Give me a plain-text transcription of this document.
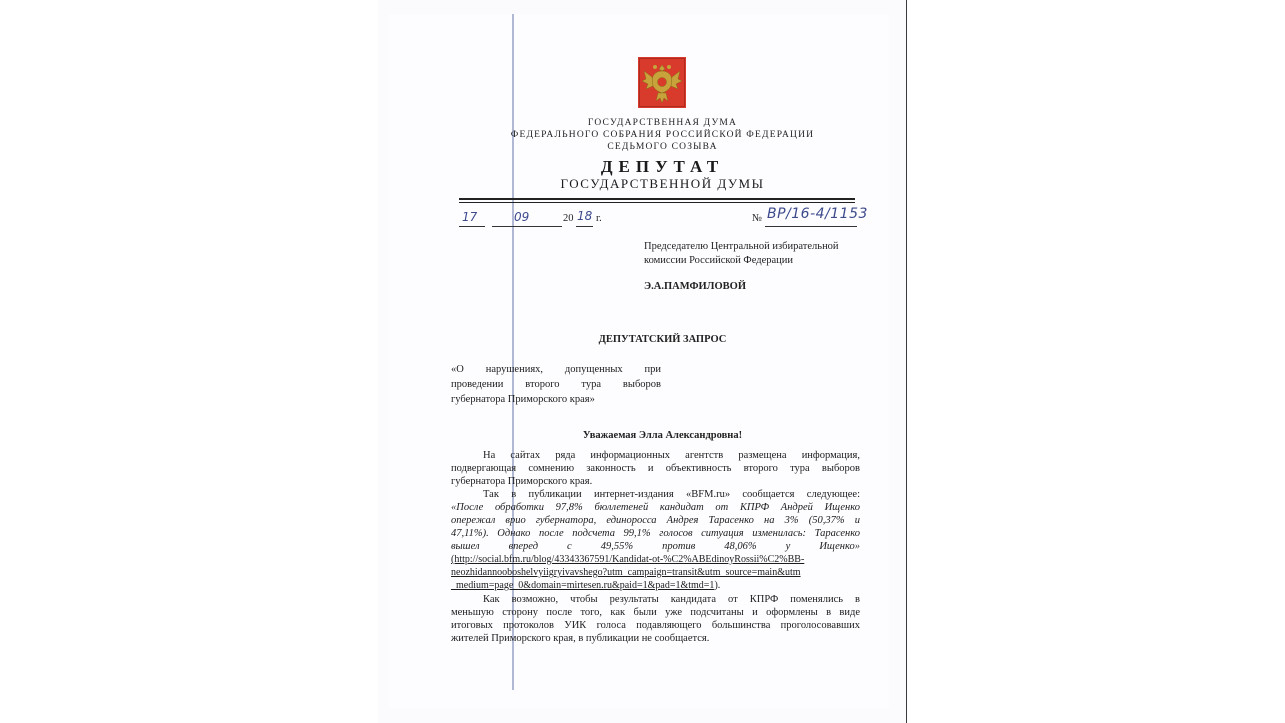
ГОСУДАРСТВЕННАЯ ДУМА
ФЕДЕРАЛЬНОГО СОБРАНИЯ РОССИЙСКОЙ ФЕДЕРАЦИИ
СЕДЬМОГО СОЗЫВА
ДЕПУТАТ
ГОСУДАРСТВЕННОЙ ДУМЫ
17	09	20 18 г.	№ ВР/16-4/1153
Председателю Центральной избирательной
комиссии Российской Федерации
Э.А.ПАМФИЛОВОЙ
ДЕПУТАТСКИЙ ЗАПРОС
«О нарушениях, допущенных при
проведении второго тура выборов
губернатора Приморского края»
Уважаемая Элла Александровна!
На сайтах ряда информационных агентств размещена информация,
подвергающая сомнению законность и объективность второго тура выборов
губернатора Приморского края.
Так в публикации интернет-издания «BFM.ru» сообщается следующее:
«После обработки 97,8% бюллетеней кандидат от КПРФ Андрей Ищенко
опережал врио губернатора, единоросса Андрея Тарасенко на 3% (50,37% и
47,11%). Однако после подсчета 99,1% голосов ситуация изменилась: Тарасенко
вышел вперед с 49,55% против 48,06% у Ищенко»
(http://social.bfm.ru/blog/43343367591/Kandidat-ot-%C2%ABEdinoyRossii%C2%BB-
neozhidannooboshelvyiigryivavshego?utm_campaign=transit&utm_source=main&utm
_medium=page_0&domain=mirtesen.ru&paid=1&pad=1&tmd=1).
Как возможно, чтобы результаты кандидата от КПРФ поменялись в
меньшую сторону после того, как были уже подсчитаны и оформлены в виде
итоговых протоколов УИК голоса подавляющего большинства проголосовавших
жителей Приморского края, в публикации не сообщается.
